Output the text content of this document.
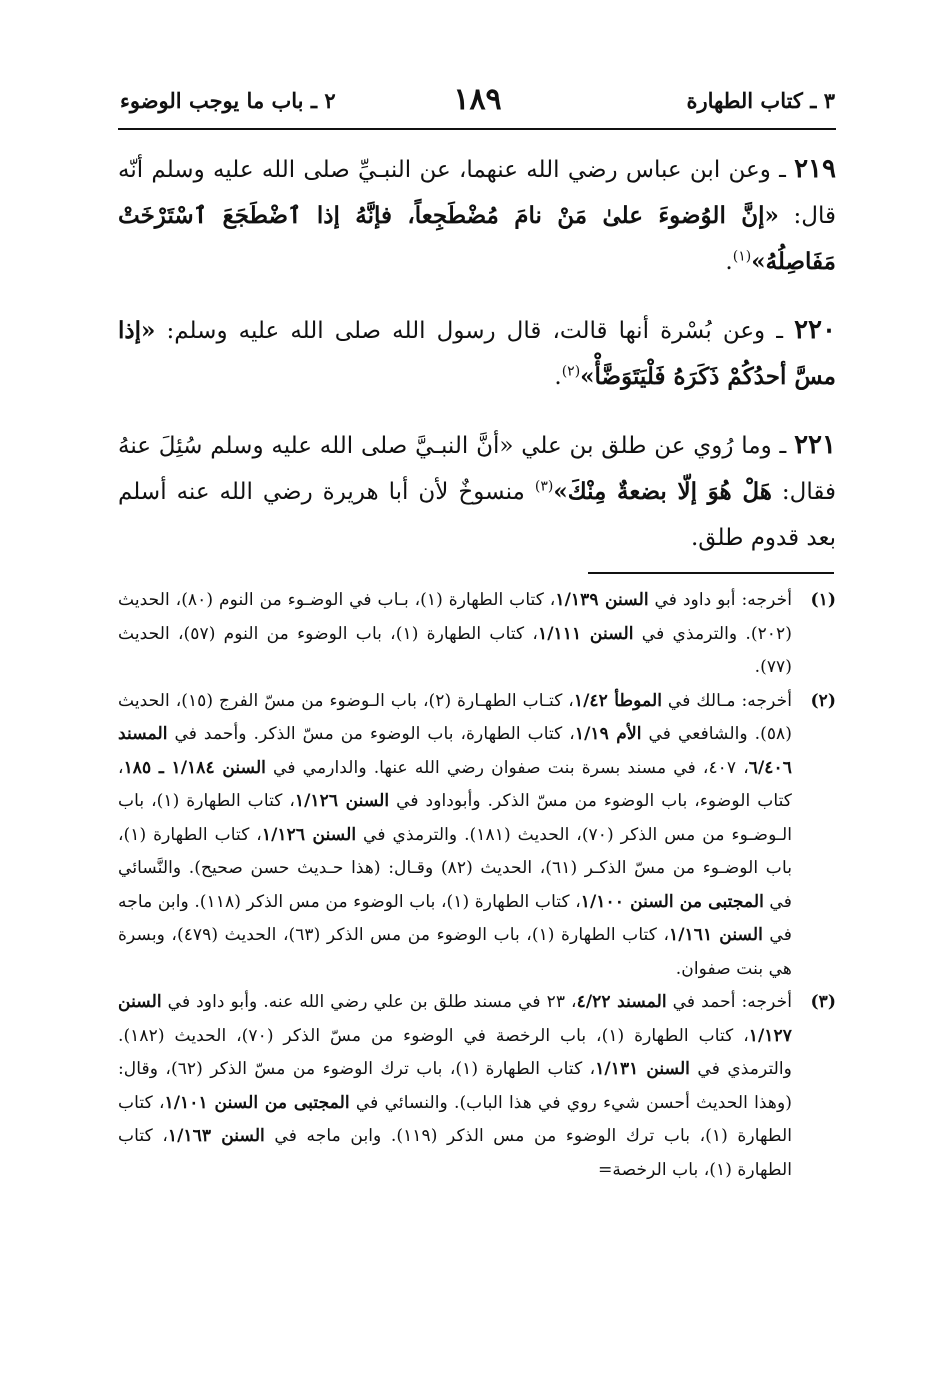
٣ ـ كتاب الطهارة
١٨٩
٢ ـ باب ما يوجب الوضوء

٢١٩ ـ وعن ابن عباس رضي الله عنهما، عن النبـيِّ صلى الله عليه وسلم أنّه قال: «إنَّ الوُضوءَ علىٰ مَنْ نامَ مُضْطَجِعاً، فإنَّهُ إذا ٱضْطَجَعَ ٱسْتَرْخَتْ مَفَاصِلُهُ»$^{(١)}$.

٢٢٠ ـ وعن بُسْرة أنها قالت، قال رسول الله صلى الله عليه وسلم: «إذا مسَّ أحدُكُمْ ذَكَرَهُ فَلْيَتَوَضَّأْ»$^{(٢)}$.

٢٢١ ـ وما رُوي عن طلق بن علي «أنَّ النبـيَّ صلى الله عليه وسلم سُئِلَ عنهُ فقال: هَلْ هُوَ إلّا بضعةٌ مِنْكَ»$^{(٣)}$ منسوخٌ لأن أبا هريرة رضي الله عنه أسلم بعد قدوم طلق.

(١)
أخرجه: أبو داود في السنن ١/١٣٩، كتاب الطهارة (١)، بـاب في الوضـوء من النوم (٨٠)، الحديث (٢٠٢). والترمذي في السنن ١/١١١، كتاب الطهارة (١)، باب الوضوء من النوم (٥٧)، الحديث (٧٧).

(٢)
أخرجه: مـالك في الموطأ ١/٤٢، كتـاب الطهـارة (٢)، باب الـوضوء من مسّ الفرج (١٥)، الحديث (٥٨). والشافعي في الأم ١/١٩، كتاب الطهارة، باب الوضوء من مسّ الذكر. وأحمد في المسند ٦/٤٠٦، ٤٠٧، في مسند بسرة بنت صفوان رضي الله عنها. والدارمي في السنن ١/١٨٤ ـ ١٨٥، كتاب الوضوء، باب الوضوء من مسّ الذكر. وأبوداود في السنن ١/١٢٦، كتاب الطهارة (١)، باب الـوضـوء من مس الذكر (٧٠)، الحديث (١٨١). والترمذي في السنن ١/١٢٦، كتاب الطهارة (١)، باب الوضـوء من مسّ الذكـر (٦١)، الحديث (٨٢) وقـال: (هذا حـديث حسن صحيح). والنَّسائي في المجتبى من السنن ١/١٠٠، كتاب الطهارة (١)، باب الوضوء من مس الذكر (١١٨). وابن ماجه في السنن ١/١٦١، كتاب الطهارة (١)، باب الوضوء من مس الذكر (٦٣)، الحديث (٤٧٩)، وبسرة هي بنت صفوان.

(٣)
أخرجه: أحمد في المسند ٤/٢٢، ٢٣ في مسند طلق بن علي رضي الله عنه. وأبو داود في السنن ١/١٢٧، كتاب الطهارة (١)، باب الرخصة في الوضوء من مسّ الذكر (٧٠)، الحديث (١٨٢). والترمذي في السنن ١/١٣١، كتاب الطهارة (١)، باب ترك الوضوء من مسّ الذكر (٦٢)، وقال: (وهذا الحديث أحسن شيء روي في هذا الباب). والنسائي في المجتبى من السنن ١/١٠١، كتاب الطهارة (١)، باب ترك الوضوء من مس الذكر (١١٩). وابن ماجه في السنن ١/١٦٣، كتاب الطهارة (١)، باب الرخصة=
